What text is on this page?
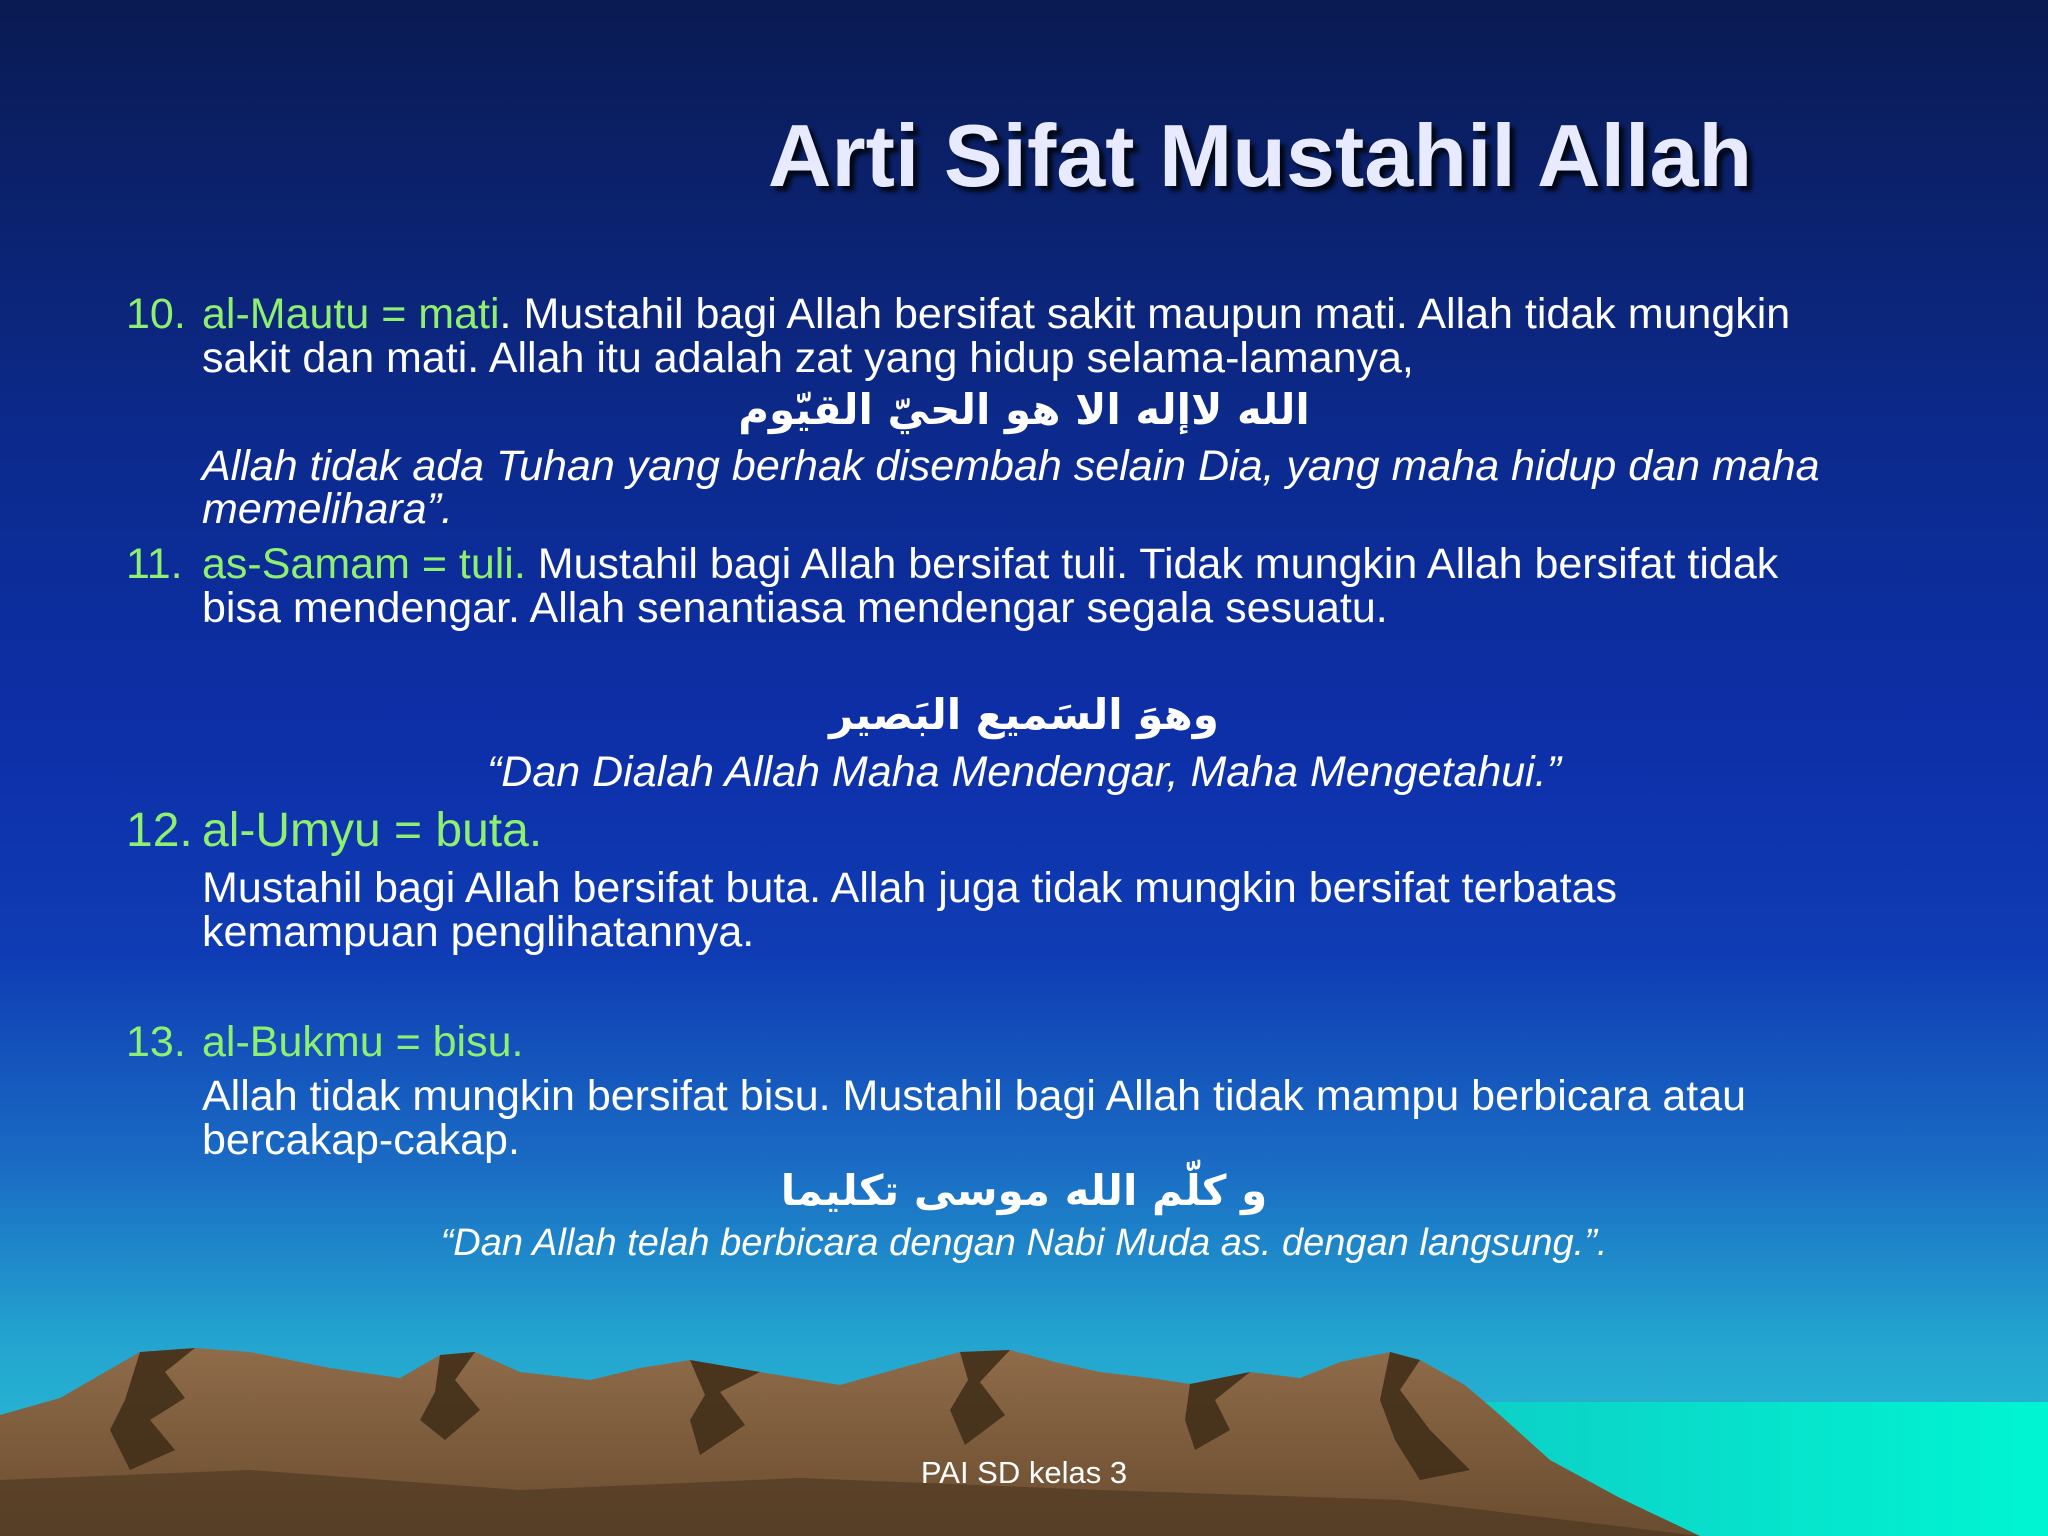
Arti Sifat Mustahil Allah
10. al-Mautu = mati. Mustahil bagi Allah bersifat sakit maupun mati. Allah tidak mungkin
sakit dan mati. Allah itu adalah zat yang hidup selama-lamanya,
الله لاإله الا هو الحيّ القيّوم
Allah tidak ada Tuhan yang berhak disembah selain Dia, yang maha hidup dan maha
memelihara”.
11. as-Samam = tuli. Mustahil bagi Allah bersifat tuli. Tidak mungkin Allah bersifat tidak
bisa mendengar. Allah senantiasa mendengar segala sesuatu.
وهوَ السَميع البَصير
“Dan Dialah Allah Maha Mendengar, Maha Mengetahui.”
12. al-Umyu = buta.
Mustahil bagi Allah bersifat buta. Allah juga tidak mungkin bersifat terbatas
kemampuan penglihatannya.
13. al-Bukmu = bisu.
Allah tidak mungkin bersifat bisu. Mustahil bagi Allah tidak mampu berbicara atau
bercakap-cakap.
و كلّم الله موسى تكليما
“Dan Allah telah berbicara dengan Nabi Muda as. dengan langsung.”.
PAI SD kelas 3
